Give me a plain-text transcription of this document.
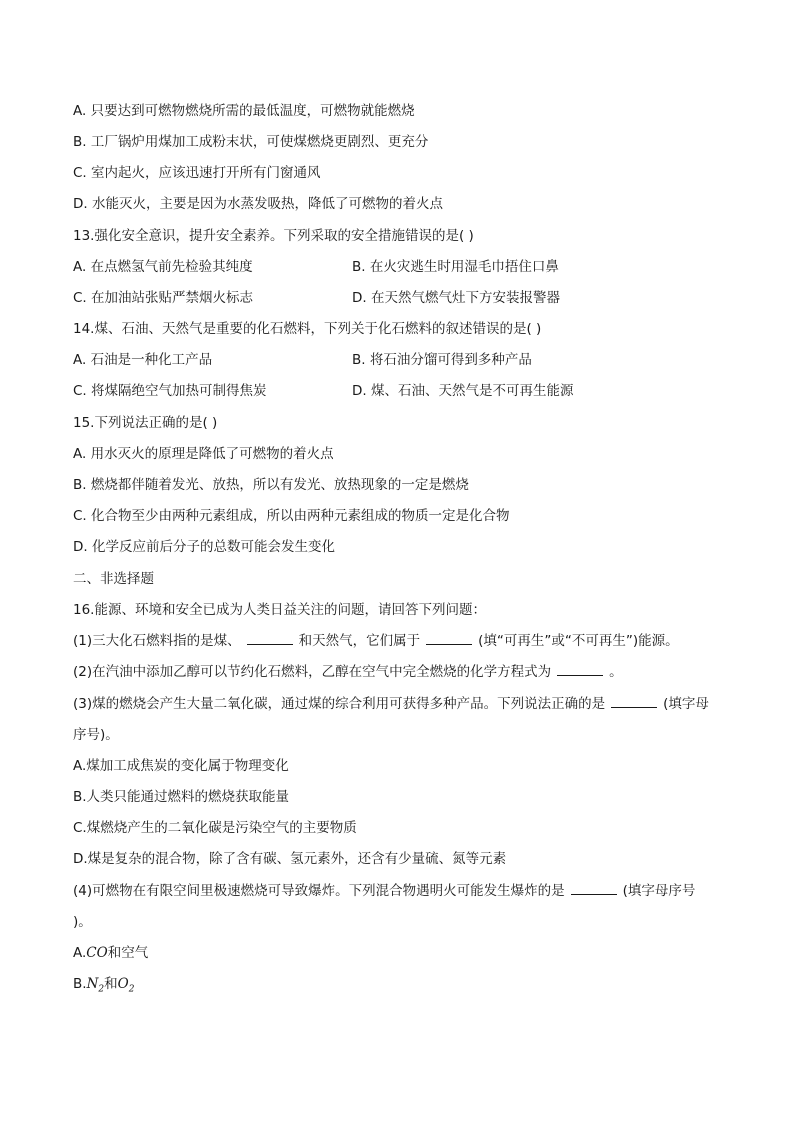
A. 只要达到可燃物燃烧所需的最低温度，可燃物就能燃烧
B. 工厂锅炉用煤加工成粉末状，可使煤燃烧更剧烈、更充分
C. 室内起火，应该迅速打开所有门窗通风
D. 水能灭火，主要是因为水蒸发吸热，降低了可燃物的着火点
13.强化安全意识，提升安全素养。下列采取的安全措施错误的是( )
A. 在点燃氢气前先检验其纯度	B. 在火灾逃生时用湿毛巾捂住口鼻
C. 在加油站张贴严禁烟火标志	D. 在天然气燃气灶下方安装报警器
14.煤、石油、天然气是重要的化石燃料，下列关于化石燃料的叙述错误的是( )
A. 石油是一种化工产品	B. 将石油分馏可得到多种产品
C. 将煤隔绝空气加热可制得焦炭	D. 煤、石油、天然气是不可再生能源
15.下列说法正确的是( )
A. 用水灭火的原理是降低了可燃物的着火点
B. 燃烧都伴随着发光、放热，所以有发光、放热现象的一定是燃烧
C. 化合物至少由两种元素组成，所以由两种元素组成的物质一定是化合物
D. 化学反应前后分子的总数可能会发生变化
二、非选择题
16.能源、环境和安全已成为人类日益关注的问题，请回答下列问题：
(1)三大化石燃料指的是煤、	和天然气，它们属于	(填“可再生”或“不可再生”)能源。
(2)在汽油中添加乙醇可以节约化石燃料，乙醇在空气中完全燃烧的化学方程式为	。
(3)煤的燃烧会产生大量二氧化碳，通过煤的综合利用可获得多种产品。下列说法正确的是	(填字母
序号)。
A.煤加工成焦炭的变化属于物理变化
B.人类只能通过燃料的燃烧获取能量
C.煤燃烧产生的二氧化碳是污染空气的主要物质
D.煤是复杂的混合物，除了含有碳、氢元素外，还含有少量硫、氮等元素
(4)可燃物在有限空间里极速燃烧可导致爆炸。下列混合物遇明火可能发生爆炸的是	(填字母序号
)。
A.CO和空气
$B.N_2$和$O_2$
